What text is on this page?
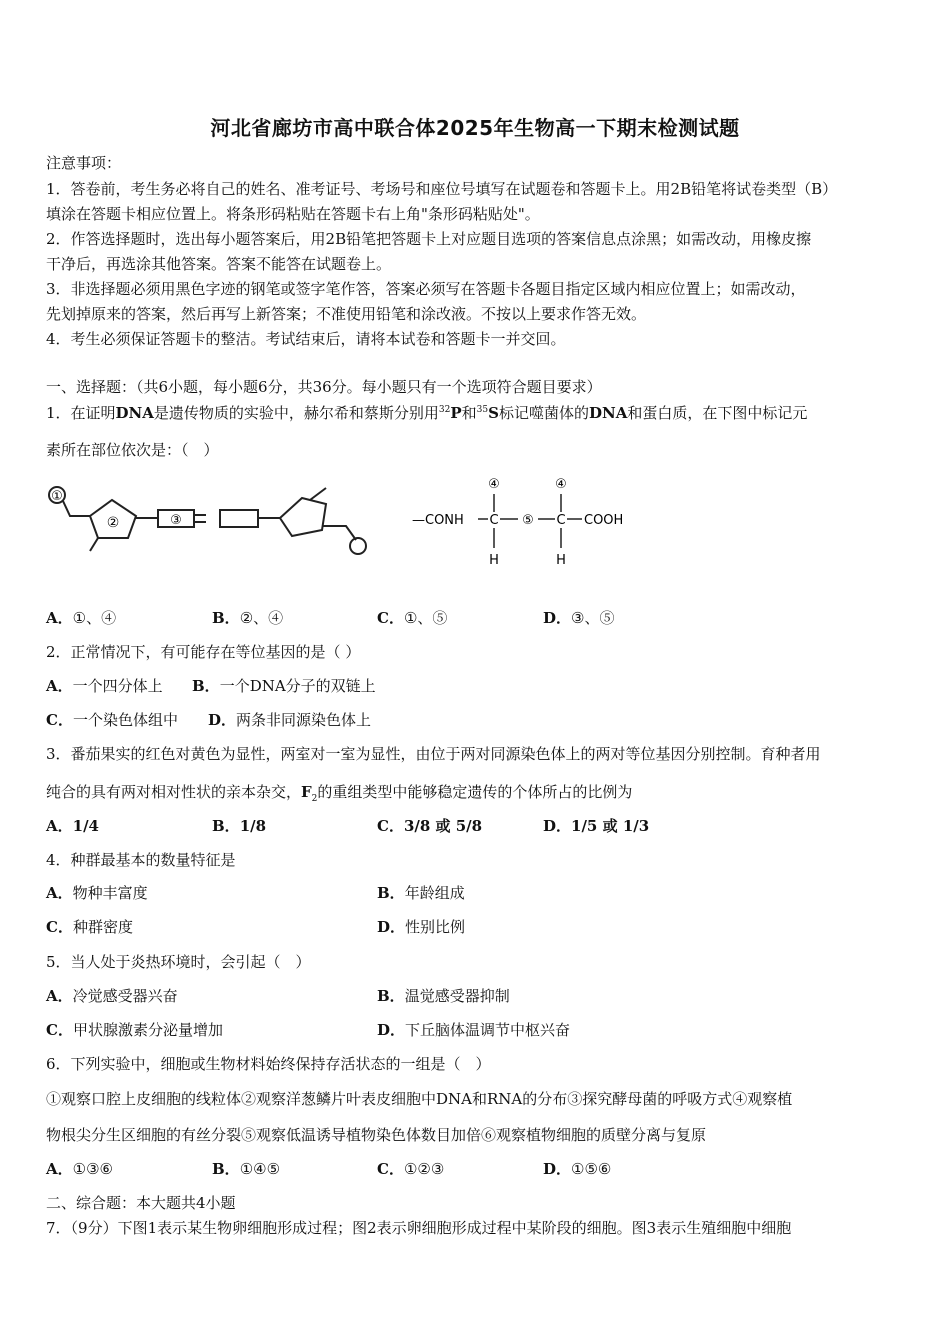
河北省廊坊市高中联合体2025年生物高一下期末检测试题
注意事项：
1．答卷前，考生务必将自己的姓名、准考证号、考场号和座位号填写在试题卷和答题卡上。用2B铅笔将试卷类型（B）
填涂在答题卡相应位置上。将条形码粘贴在答题卡右上角"条形码粘贴处"。
2．作答选择题时，选出每小题答案后，用2B铅笔把答题卡上对应题目选项的答案信息点涂黑；如需改动，用橡皮擦
干净后，再选涂其他答案。答案不能答在试题卷上。
3．非选择题必须用黑色字迹的钢笔或签字笔作答，答案必须写在答题卡各题目指定区域内相应位置上；如需改动，
先划掉原来的答案，然后再写上新答案；不准使用铅笔和涂改液。不按以上要求作答无效。
4．考生必须保证答题卡的整洁。考试结束后，请将本试卷和答题卡一并交回。
一、选择题：（共6小题，每小题6分，共36分。每小题只有一个选项符合题目要求）
1．在证明DNA是遗传物质的实验中，赫尔希和蔡斯分别用$^{32}$P和$^{35}$S标记噬菌体的DNA和蛋白质，在下图中标记元
素所在部位依次是：（　）
①
②	③
④	④
—CONH C ⑤ C COOH
H	H
A．①、④	B．②、④	C．①、⑤	D．③、⑤
2．正常情况下，有可能存在等位基因的是（ ）
A．一个四分体上 B．一个DNA分子的双链上
C．一个染色体组中 D．两条非同源染色体上
3．番茄果实的红色对黄色为显性，两室对一室为显性，由位于两对同源染色体上的两对等位基因分别控制。育种者用
纯合的具有两对相对性状的亲本杂交，$F_2$的重组类型中能够稳定遗传的个体所占的比例为
A．1/4	B．1/8	C．3/8 或 5/8	D．1/5 或 1/3
4．种群最基本的数量特征是
A．物种丰富度	B．年龄组成
C．种群密度	D．性别比例
5．当人处于炎热环境时，会引起（　）
A．冷觉感受器兴奋	B．温觉感受器抑制
C．甲状腺激素分泌量增加	D．下丘脑体温调节中枢兴奋
6．下列实验中，细胞或生物材料始终保持存活状态的一组是（　）
①观察口腔上皮细胞的线粒体②观察洋葱鳞片叶表皮细胞中DNA和RNA的分布③探究酵母菌的呼吸方式④观察植
物根尖分生区细胞的有丝分裂⑤观察低温诱导植物染色体数目加倍⑥观察植物细胞的质壁分离与复原
A．①③⑥	B．①④⑤	C．①②③	D．①⑤⑥
二、综合题：本大题共4小题
7．（9分）下图1表示某生物卵细胞形成过程；图2表示卵细胞形成过程中某阶段的细胞。图3表示生殖细胞中细胞
